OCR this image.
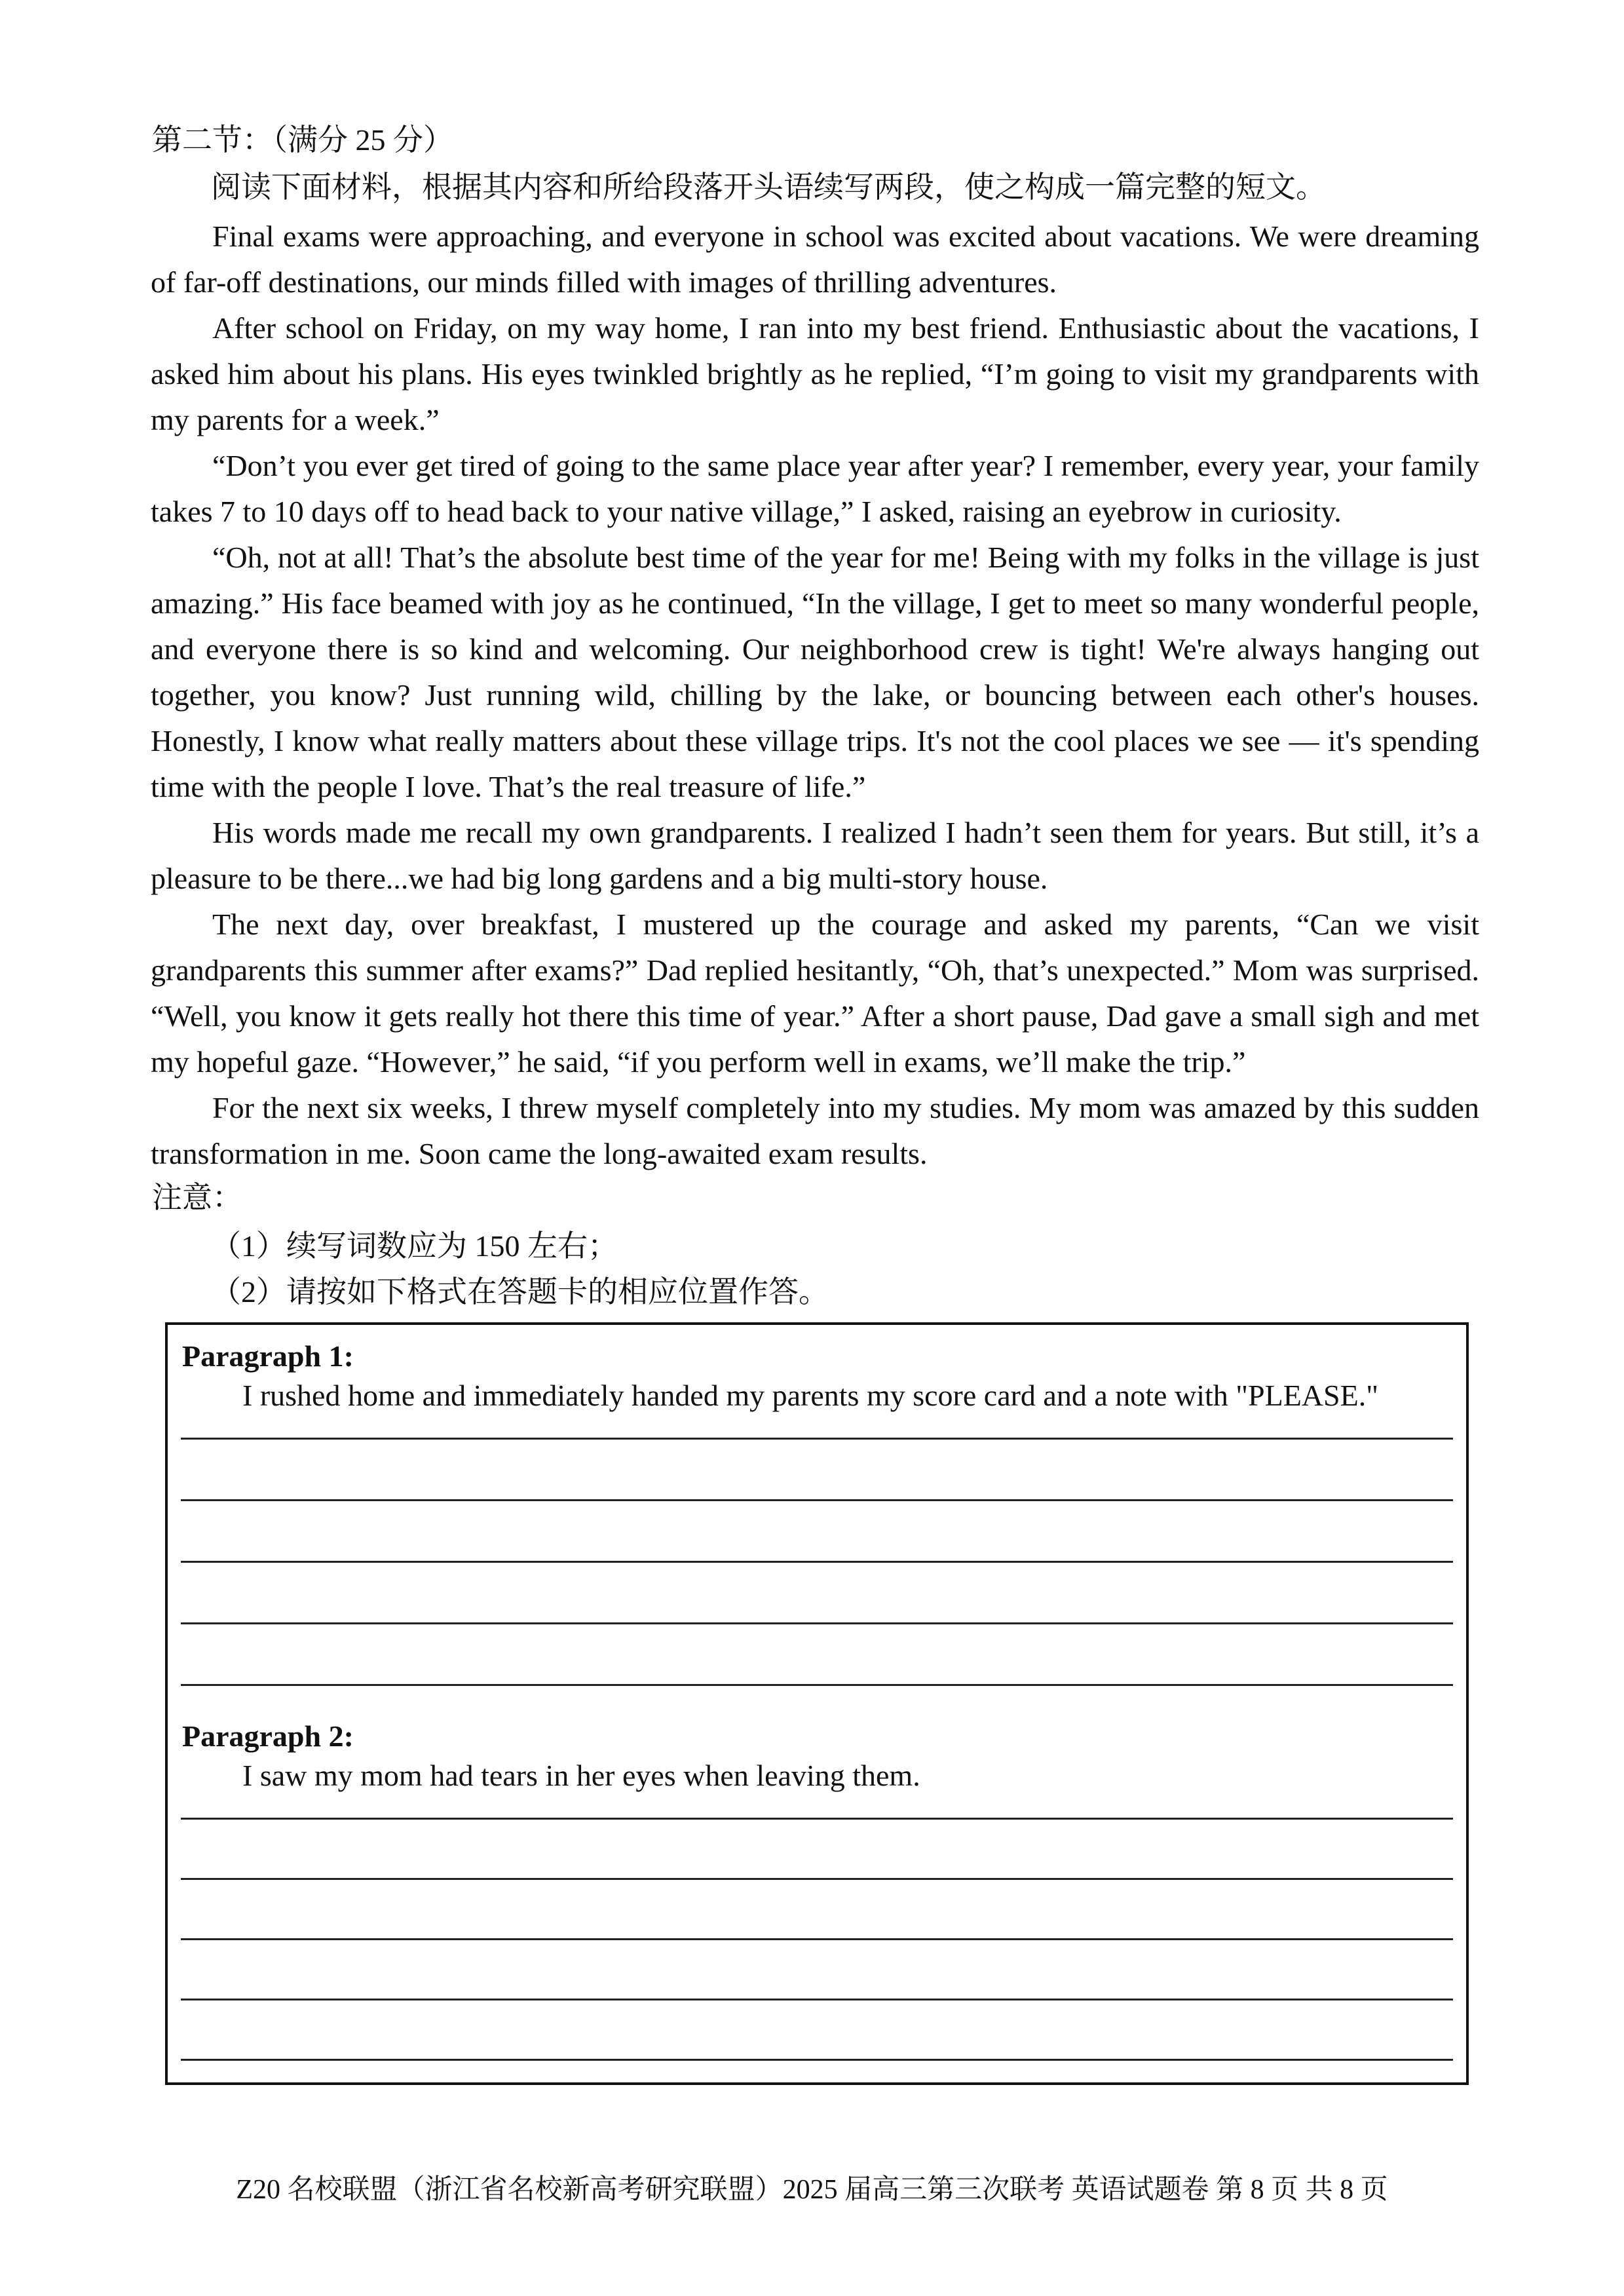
第二节：（满分 25 分）
阅读下面材料，根据其内容和所给段落开头语续写两段，使之构成一篇完整的短文。

Final exams were approaching, and everyone in school was excited about vacations. We were dreaming of far-off destinations, our minds filled with images of thrilling adventures.

After school on Friday, on my way home, I ran into my best friend. Enthusiastic about the vacations, I asked him about his plans. His eyes twinkled brightly as he replied, “I’m going to visit my grandparents with my parents for a week.”

“Don’t you ever get tired of going to the same place year after year? I remember, every year, your family takes 7 to 10 days off to head back to your native village,” I asked, raising an eyebrow in curiosity.

“Oh, not at all! That’s the absolute best time of the year for me! Being with my folks in the village is just amazing.” His face beamed with joy as he continued, “In the village, I get to meet so many wonderful people, and everyone there is so kind and welcoming. Our neighborhood crew is tight! We're always hanging out together, you know? Just running wild, chilling by the lake, or bouncing between each other's houses. Honestly, I know what really matters about these village trips. It's not the cool places we see — it's spending time with the people I love. That’s the real treasure of life.”

His words made me recall my own grandparents. I realized I hadn’t seen them for years. But still, it’s a pleasure to be there...we had big long gardens and a big multi-story house.

The next day, over breakfast, I mustered up the courage and asked my parents, “Can we visit grandparents this summer after exams?” Dad replied hesitantly, “Oh, that’s unexpected.” Mom was surprised. “Well, you know it gets really hot there this time of year.” After a short pause, Dad gave a small sigh and met my hopeful gaze. “However,” he said, “if you perform well in exams, we’ll make the trip.”

For the next six weeks, I threw myself completely into my studies. My mom was amazed by this sudden transformation in me. Soon came the long-awaited exam results.

注意：
（1）续写词数应为 150 左右；
（2）请按如下格式在答题卡的相应位置作答。
Paragraph 1:
I rushed home and immediately handed my parents my score card and a note with "PLEASE."
Paragraph 2:
I saw my mom had tears in her eyes when leaving them.
Z20 名校联盟（浙江省名校新高考研究联盟）2025 届高三第三次联考 英语试题卷 第 8 页 共 8 页
